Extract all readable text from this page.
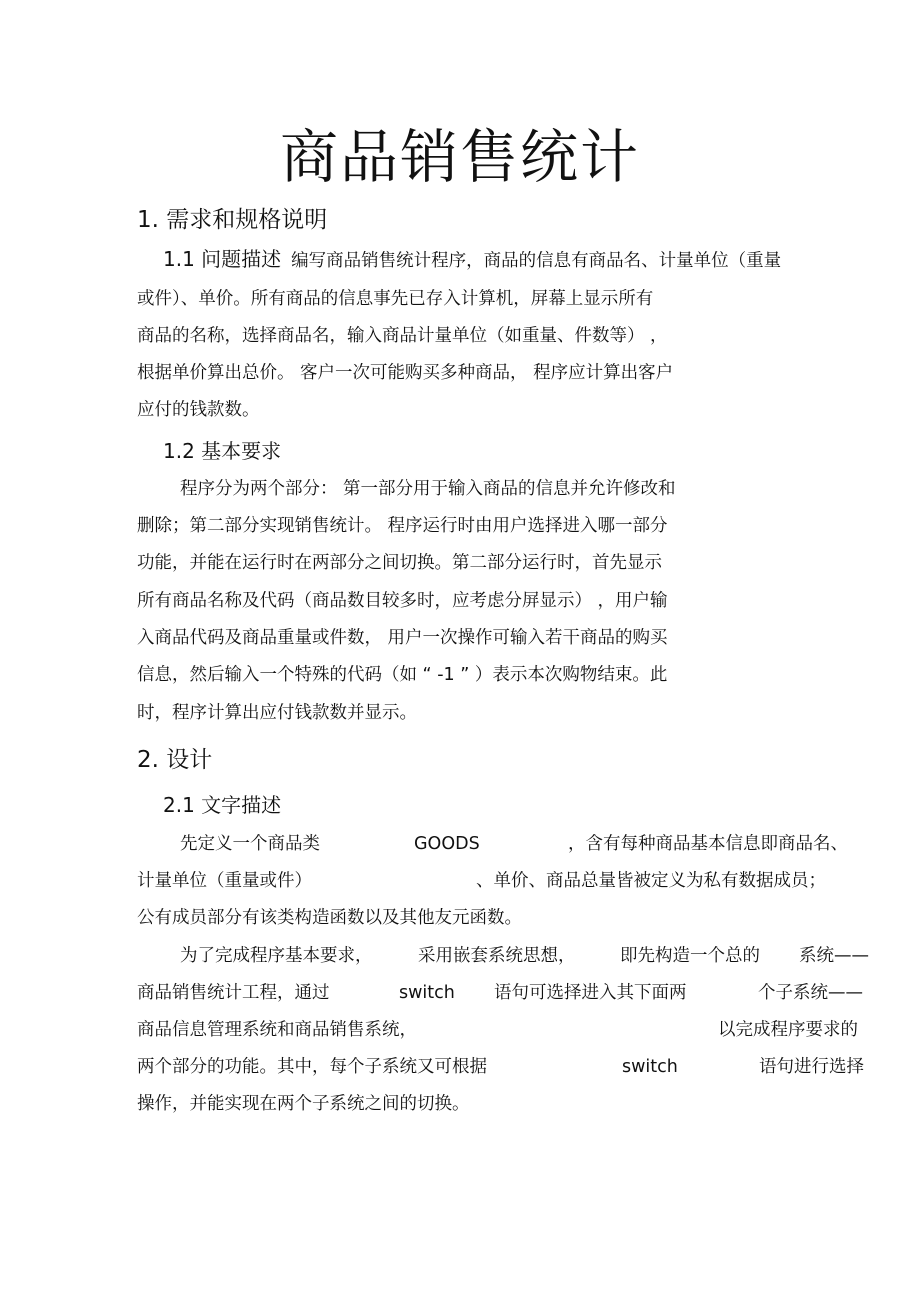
商品销售统计
1. 需求和规格说明
1.1 问题描述 编写商品销售统计程序，商品的信息有商品名、计量单位（重量

或件）、单价。所有商品的信息事先已存入计算机，屏幕上显示所有

商品的名称，选择商品名，输入商品计量单位（如重量、件数等） ，

根据单价算出总价。 客户一次可能购买多种商品， 程序应计算出客户

应付的钱款数。

1.2 基本要求

程序分为两个部分： 第一部分用于输入商品的信息并允许修改和

删除；第二部分实现销售统计。 程序运行时由用户选择进入哪一部分

功能，并能在运行时在两部分之间切换。第二部分运行时，首先显示

所有商品名称及代码（商品数目较多时，应考虑分屏显示） ，用户输

入商品代码及商品重量或件数， 用户一次操作可输入若干商品的购买

信息，然后输入一个特殊的代码（如 “ -1 ” ）表示本次购物结束。此

时，程序计算出应付钱款数并显示。

2. 设计
2.1 文字描述
先定义一个商品类	GOODS	，含有每种商品基本信息即商品名、
计量单位（重量或件）	、单价、商品总量皆被定义为私有数据成员；
公有成员部分有该类构造函数以及其他友元函数。
为了完成程序基本要求，	采用嵌套系统思想，	即先构造一个总的 系统——
商品销售统计工程，通过	switch 语句可选择进入其下面两	个子系统——
商品信息管理系统和商品销售系统，	以完成程序要求的
两个部分的功能。其中，每个子系统又可根据	switch	语句进行选择
操作，并能实现在两个子系统之间的切换。
